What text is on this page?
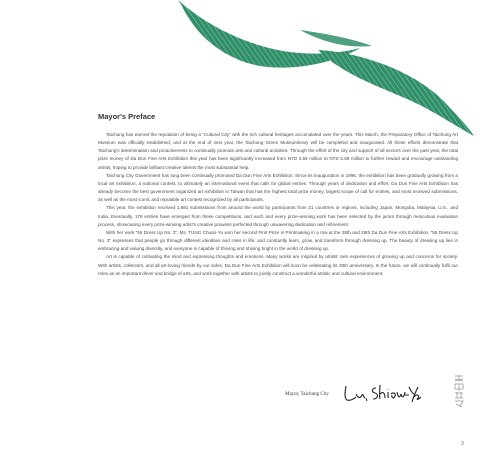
Mayor's Preface

Taichung has earned the reputation of being a “Cultural City” with the rich cultural heritages accumulated over the years. This March, the Preparatory Office of Taichung Art Museum was officially established, and at the end of next year, the Taichung Green Museumbrary will be completed and inaugurated. All these efforts demonstrate that Taichung's determination and proactiveness to continually promote arts and cultural activities. Through the effort of the city and support of all sectors over the past year, the total prize money of Da Dun Fine Arts Exhibition this year has been significantly increased from NTD 3.56 million to NTD 5.69 million to further reward and encourage outstanding artists, hoping to provide brilliant creative talents the most substantial help.

Taichung City Government has long been continually promoted Da Dun Fine Arts Exhibition. Since its inauguration in 1996, the exhibition has been gradually growing from a local art exhibition, a national contest, to ultimately an international event that calls for global entries. Through years of dedication and effort, Da Dun Fine Arts Exhibition has already become the best government organized art exhibition in Taiwan that has the highest total prize money, largest scope of call for entries, and most received submissions, as well as the most iconic and reputable art contest recognized by all participants.

This year, the exhibition received 1,881 submissions from around the world by participants from 21 countries or regions, including Japan, Mongolia, Malaysia, U.S., and India. Eventually, 176 entries have emerged from these competitions, and each and every prize-winning work has been selected by the jurors through meticulous evaluation process, showcasing every prize-winning artist's creative prowess perfected through unwavering dedication and refinement.

With her work “55 Dress Up No. 3”, Ms. TUNG Chuan-Yu won her second First Prize in Printmaking in a row at the 28th and 29th Da Dun Fine Arts Exhibition. “55 Dress Up No. 3” expresses that people go through different identities and roles in life, and constantly learn, grow, and transform through dressing up. The beauty of dressing up lies in embracing and valuing diversity, and everyone is capable of thriving and shining bright in the world of dressing up.

Art is capable of cultivating the mind and expressing thoughts and emotions. Many works are inspired by artists' own experiences of growing up and concerns for society. With artists, collectors, and all art-loving friends by our sides, Da Dun Fine Arts Exhibition will soon be celebrating its 30th anniversary. In the future, we will continually fulfil our roles as an important driver and bridge of arts, and work together with artists to jointly construct a wonderful artistic and cultural environment.

Mayor, Taichung City
3
